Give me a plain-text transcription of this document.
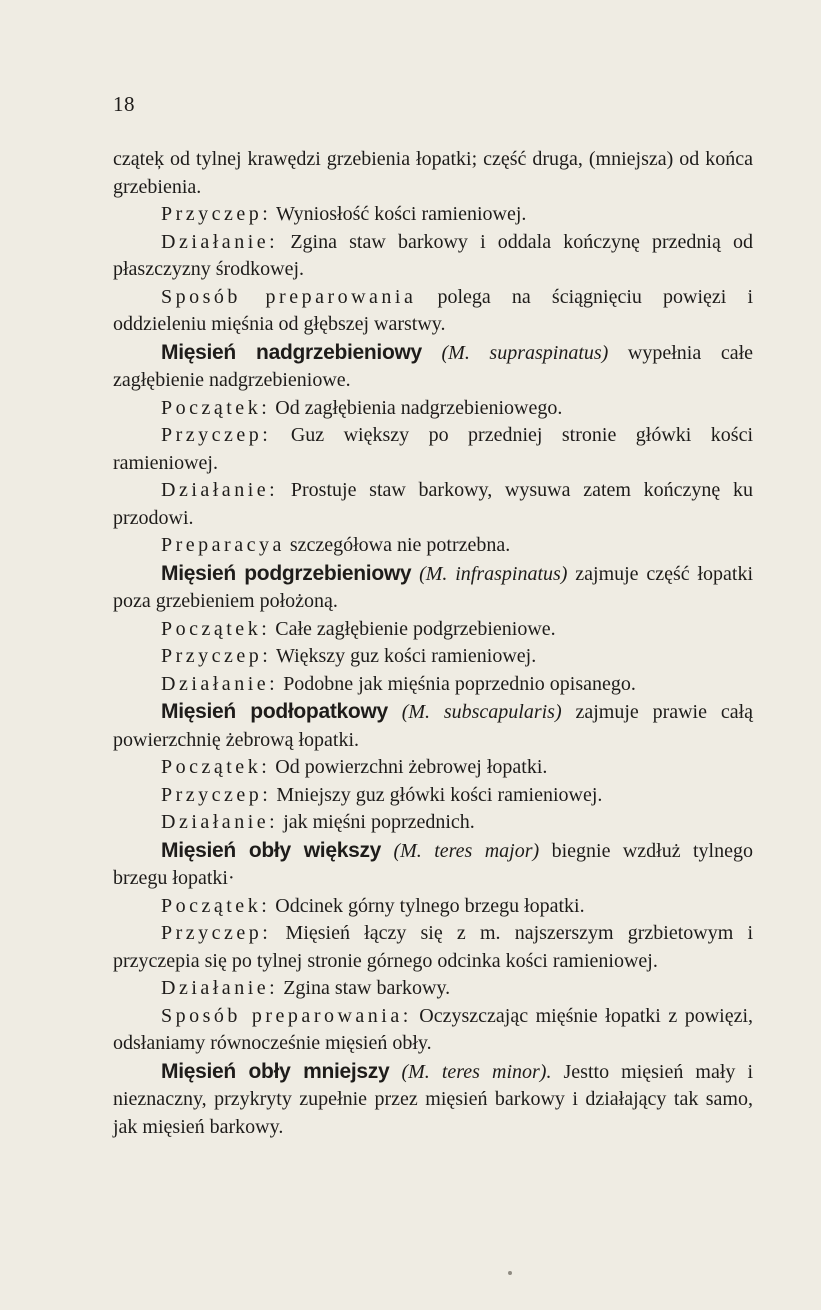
18

cząteķ od tylnej krawędzi grzebienia łopatki; część druga, (mniejsza) od końca grzebienia.

Przyczep: Wyniosłość kości ramieniowej.

Działanie: Zgina staw barkowy i oddala kończynę przednią od płaszczyzny środkowej.

Sposób preparowania polega na ściągnięciu powięzi i oddzieleniu mięśnia od głębszej warstwy.

Mięsień nadgrzebieniowy (M. supraspinatus) wypełnia całe zagłębienie nadgrzebieniowe.

Początek: Od zagłębienia nadgrzebieniowego.

Przyczep: Guz większy po przedniej stronie główki kości ramieniowej.

Działanie: Prostuje staw barkowy, wysuwa zatem kończynę ku przodowi.

Preparacya szczegółowa nie potrzebna.

Mięsień podgrzebieniowy (M. infraspinatus) zajmuje część łopatki poza grzebieniem położoną.

Początek: Całe zagłębienie podgrzebieniowe.

Przyczep: Większy guz kości ramieniowej.

Działanie: Podobne jak mięśnia poprzednio opisanego.

Mięsień podłopatkowy (M. subscapularis) zajmuje prawie całą powierzchnię żebrową łopatki.

Początek: Od powierzchni żebrowej łopatki.

Przyczep: Mniejszy guz główki kości ramieniowej.

Działanie: jak mięśni poprzednich.

Mięsień obły większy (M. teres major) biegnie wzdłuż tylnego brzegu łopatki·

Początek: Odcinek górny tylnego brzegu łopatki.

Przyczep: Mięsień łączy się z m. najszerszym grzbietowym i przyczepia się po tylnej stronie górnego odcinka kości ramieniowej.

Działanie: Zgina staw barkowy.

Sposób preparowania: Oczyszczając mięśnie łopatki z powięzi, odsłaniamy równocześnie mięsień obły.

Mięsień obły mniejszy (M. teres minor). Jestto mięsień mały i nieznaczny, przykryty zupełnie przez mięsień barkowy i działający tak samo, jak mięsień barkowy.
